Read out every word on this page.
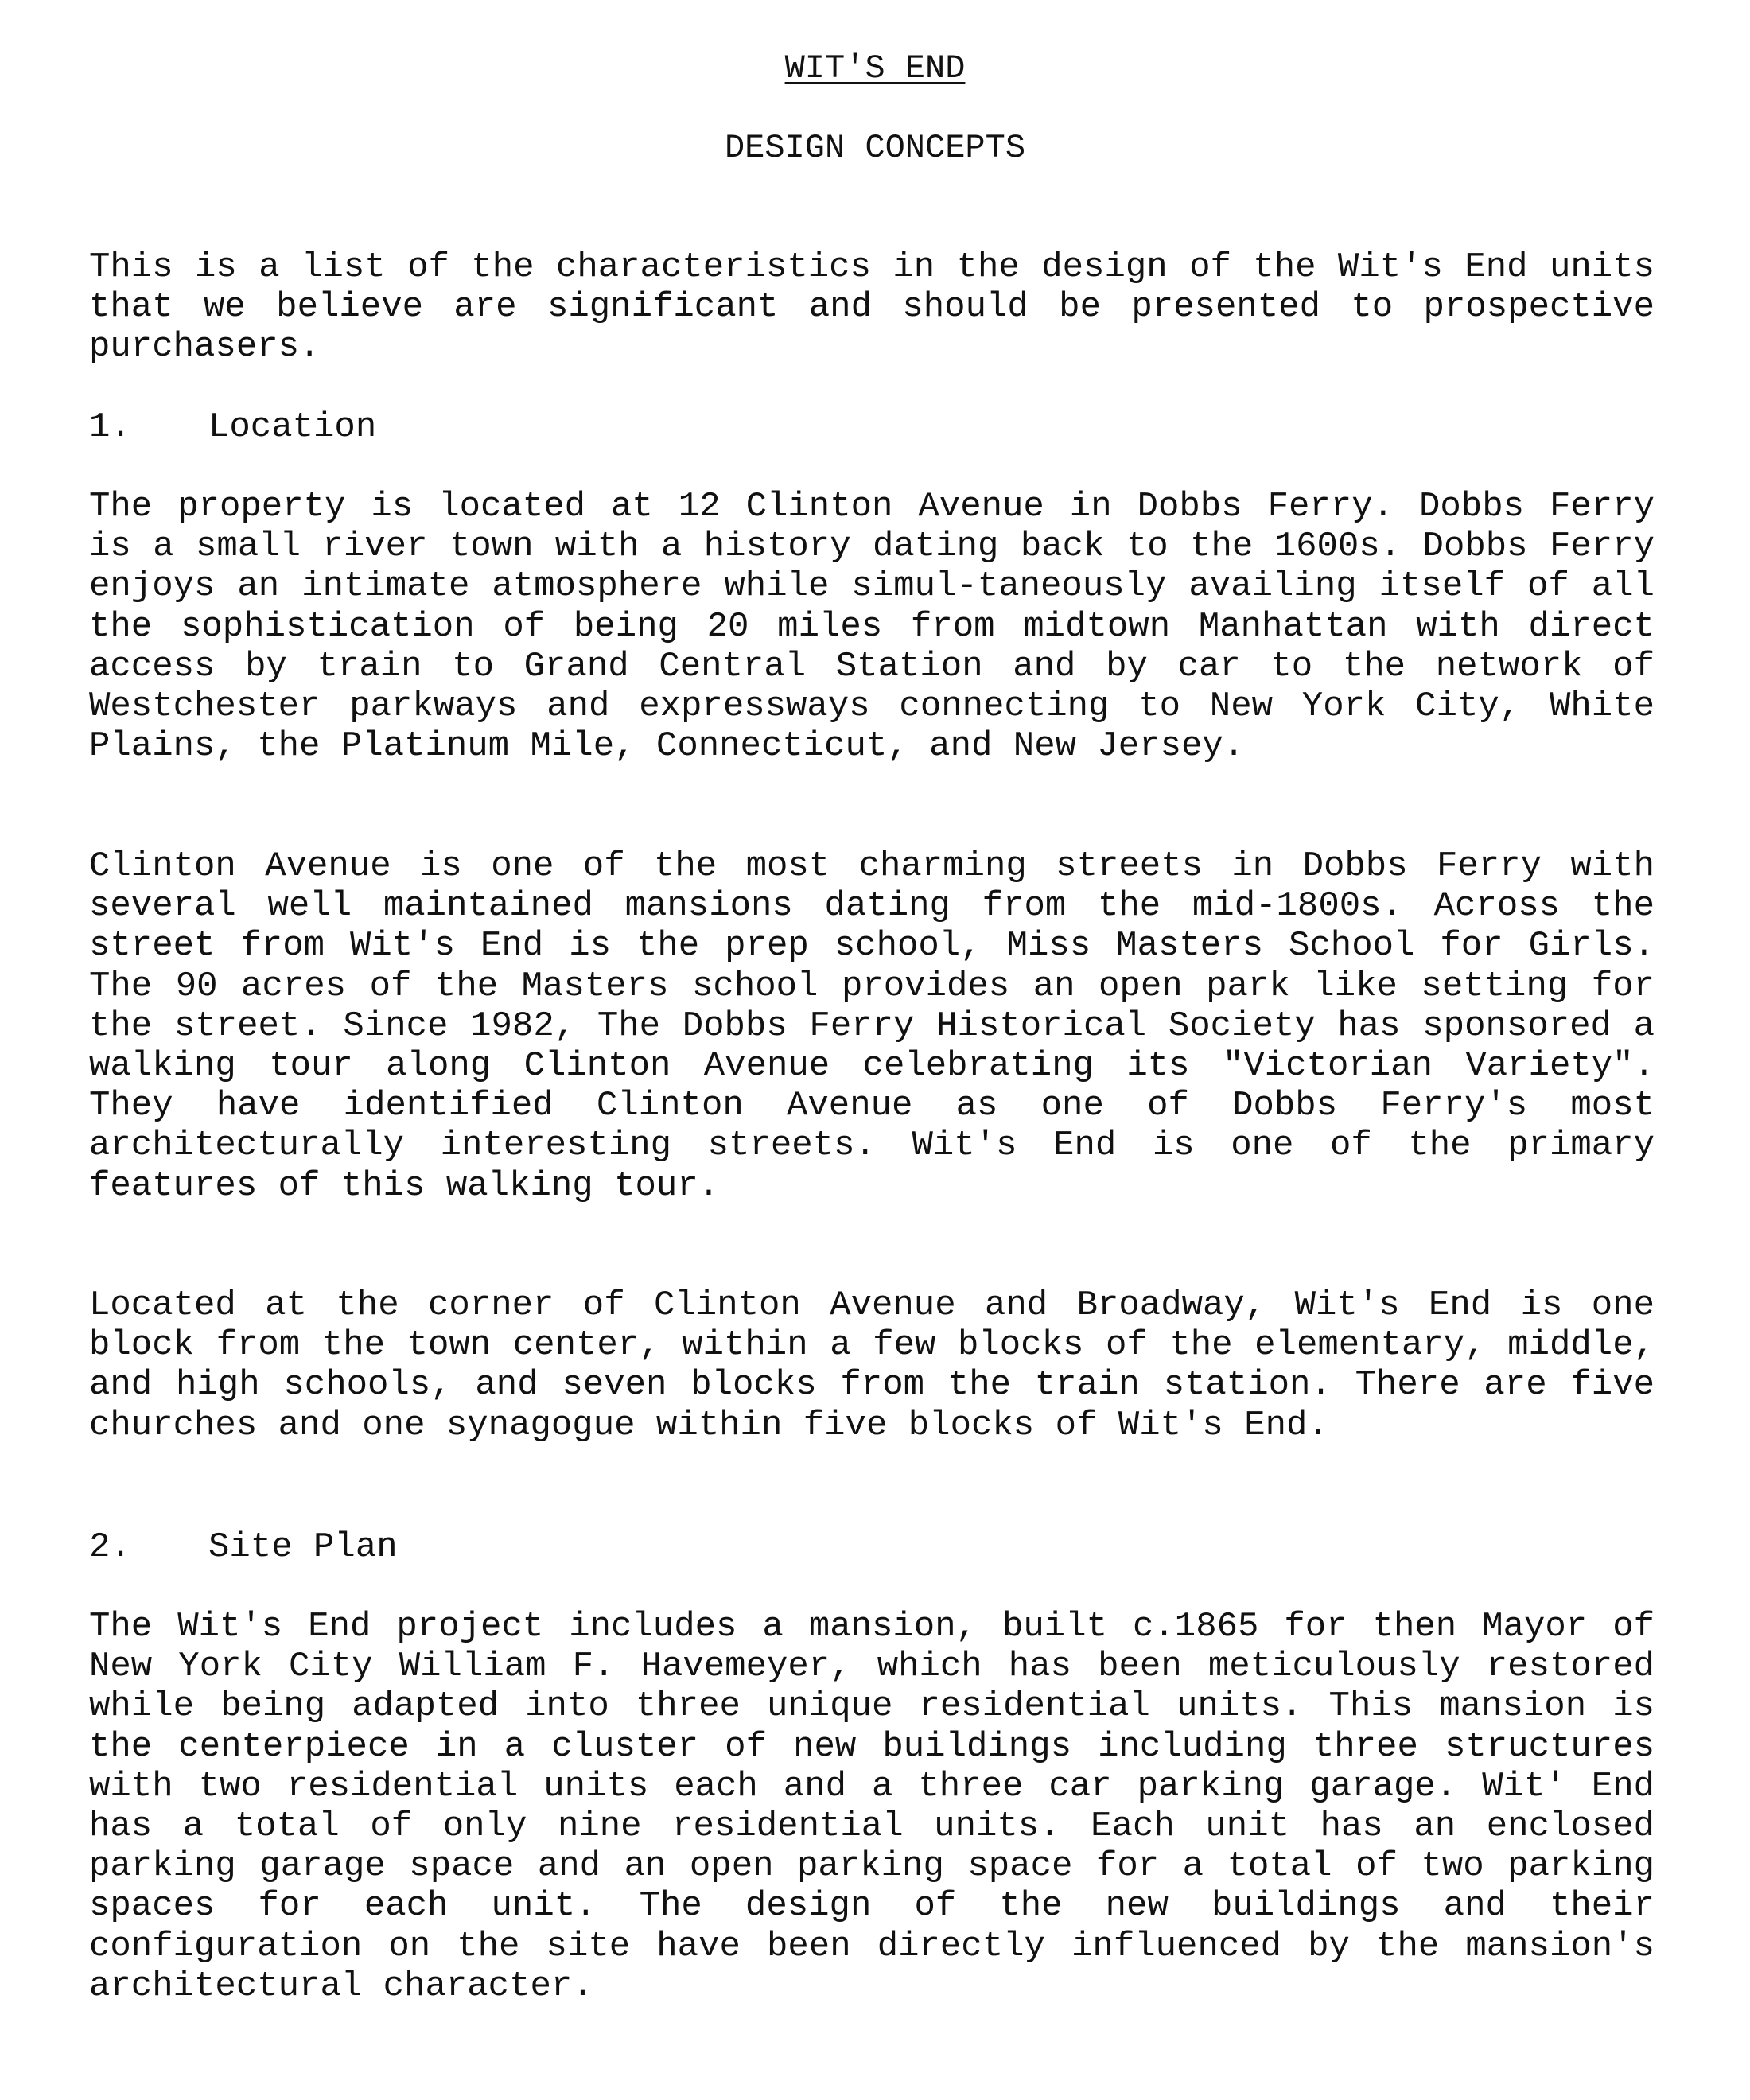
WIT'S END
DESIGN CONCEPTS

This is a list of the characteristics in the design of the Wit's End units that we believe are significant and should be presented to prospective purchasers.

1. Location

The property is located at 12 Clinton Avenue in Dobbs Ferry. Dobbs Ferry is a small river town with a history dating back to the 1600s. Dobbs Ferry enjoys an intimate atmosphere while simul-taneously availing itself of all the sophistication of being 20 miles from midtown Manhattan with direct access by train to Grand Central Station and by car to the network of Westchester parkways and expressways connecting to New York City, White Plains, the Platinum Mile, Connecticut, and New Jersey.

Clinton Avenue is one of the most charming streets in Dobbs Ferry with several well maintained mansions dating from the mid-1800s. Across the street from Wit's End is the prep school, Miss Masters School for Girls. The 90 acres of the Masters school provides an open park like setting for the street. Since 1982, The Dobbs Ferry Historical Society has sponsored a walking tour along Clinton Avenue celebrating its "Victorian Variety". They have identified Clinton Avenue as one of Dobbs Ferry's most architecturally interesting streets. Wit's End is one of the primary features of this walking tour.

Located at the corner of Clinton Avenue and Broadway, Wit's End is one block from the town center, within a few blocks of the elementary, middle, and high schools, and seven blocks from the train station. There are five churches and one synagogue within five blocks of Wit's End.

2. Site Plan

The Wit's End project includes a mansion, built c.1865 for then Mayor of New York City William F. Havemeyer, which has been meticulously restored while being adapted into three unique residential units. This mansion is the centerpiece in a cluster of new buildings including three structures with two residential units each and a three car parking garage. Wit' End has a total of only nine residential units. Each unit has an enclosed parking garage space and an open parking space for a total of two parking spaces for each unit. The design of the new buildings and their configuration on the site have been directly influenced by the mansion's architectural character.
